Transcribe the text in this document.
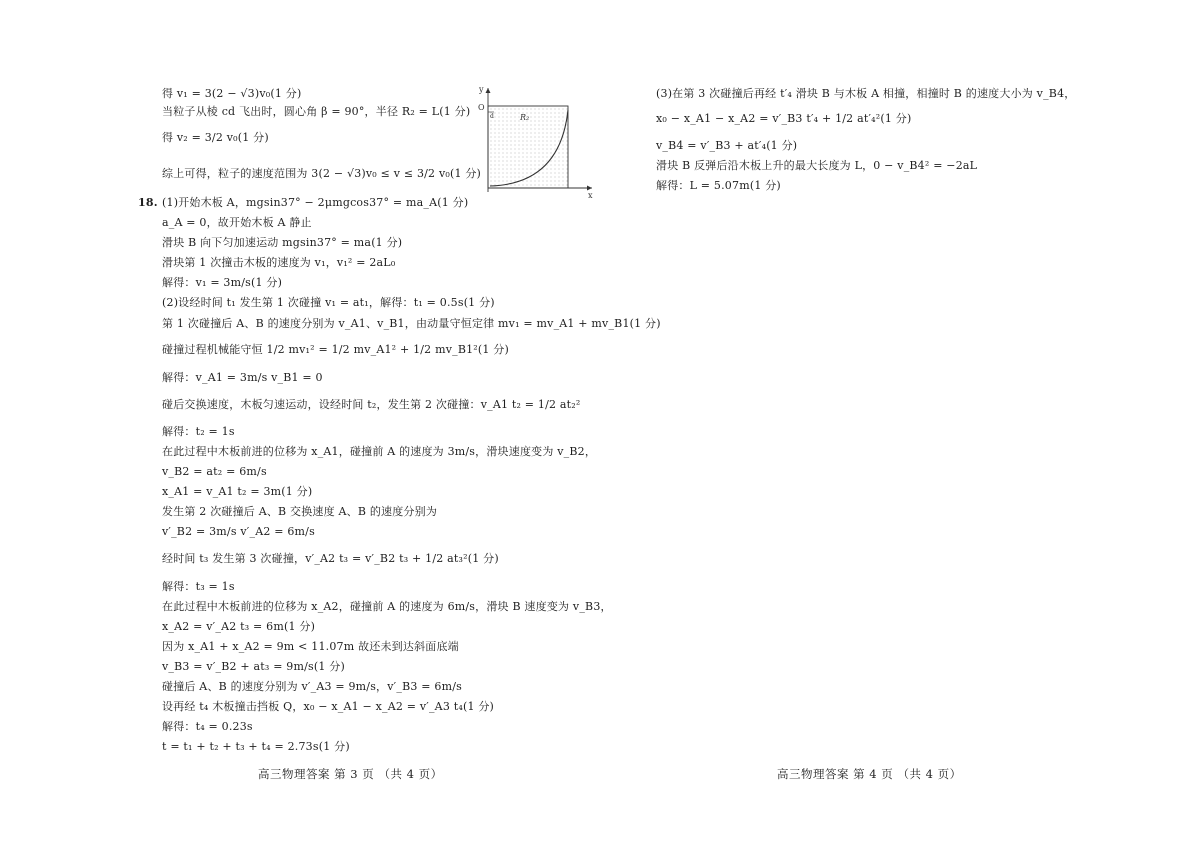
得 v₁ = 3(2 − √3)v₀(1 分)
当粒子从棱 cd 飞出时，圆心角 β = 90°，半径 R₂ = L(1 分)
得 v₂ = 3/2 v₀(1 分)
综上可得，粒子的速度范围为 3(2 − √3)v₀ ≤ v ≤ 3/2 v₀(1 分)
18. (1)开始木板 A，mgsin37° − 2μmgcos37° = ma_A(1 分)
a_A = 0，故开始木板 A 静止
滑块 B 向下匀加速运动 mgsin37° = ma(1 分)
滑块第 1 次撞击木板的速度为 v₁，v₁² = 2aL₀
解得：v₁ = 3m/s(1 分)
(2)设经时间 t₁ 发生第 1 次碰撞 v₁ = at₁，解得：t₁ = 0.5s(1 分)
第 1 次碰撞后 A、B 的速度分别为 v_A1、v_B1，由动量守恒定律 mv₁ = mv_A1 + mv_B1(1 分)
碰撞过程机械能守恒 1/2 mv₁² = 1/2 mv_A1² + 1/2 mv_B1²(1 分)
解得：v_A1 = 3m/s v_B1 = 0
碰后交换速度，木板匀速运动，设经时间 t₂，发生第 2 次碰撞：v_A1 t₂ = 1/2 at₂²
解得：t₂ = 1s
在此过程中木板前进的位移为 x_A1，碰撞前 A 的速度为 3m/s，滑块速度变为 v_B2，
v_B2 = at₂ = 6m/s
x_A1 = v_A1 t₂ = 3m(1 分)
发生第 2 次碰撞后 A、B 交换速度 A、B 的速度分别为
v′_B2 = 3m/s v′_A2 = 6m/s
经时间 t₃ 发生第 3 次碰撞，v′_A2 t₃ = v′_B2 t₃ + 1/2 at₃²(1 分)
解得：t₃ = 1s
在此过程中木板前进的位移为 x_A2，碰撞前 A 的速度为 6m/s，滑块 B 速度变为 v_B3，
x_A2 = v′_A2 t₃ = 6m(1 分)
因为 x_A1 + x_A2 = 9m < 11.07m 故还未到达斜面底端
v_B3 = v′_B2 + at₃ = 9m/s(1 分)
碰撞后 A、B 的速度分别为 v′_A3 = 9m/s，v′_B3 = 6m/s
设再经 t₄ 木板撞击挡板 Q，x₀ − x_A1 − x_A2 = v′_A3 t₄(1 分)
解得：t₄ = 0.23s
t = t₁ + t₂ + t₃ + t₄ = 2.73s(1 分)
y
x
O
d	R₂
高三物理答案 第 3 页 （共 4 页）
(3)在第 3 次碰撞后再经 t′₄ 滑块 B 与木板 A 相撞，相撞时 B 的速度大小为 v_B4，
x₀ − x_A1 − x_A2 = v′_B3 t′₄ + 1/2 at′₄²(1 分)
v_B4 = v′_B3 + at′₄(1 分)
滑块 B 反弹后沿木板上升的最大长度为 L，0 − v_B4² = −2aL
解得：L = 5.07m(1 分)
高三物理答案 第 4 页 （共 4 页）
